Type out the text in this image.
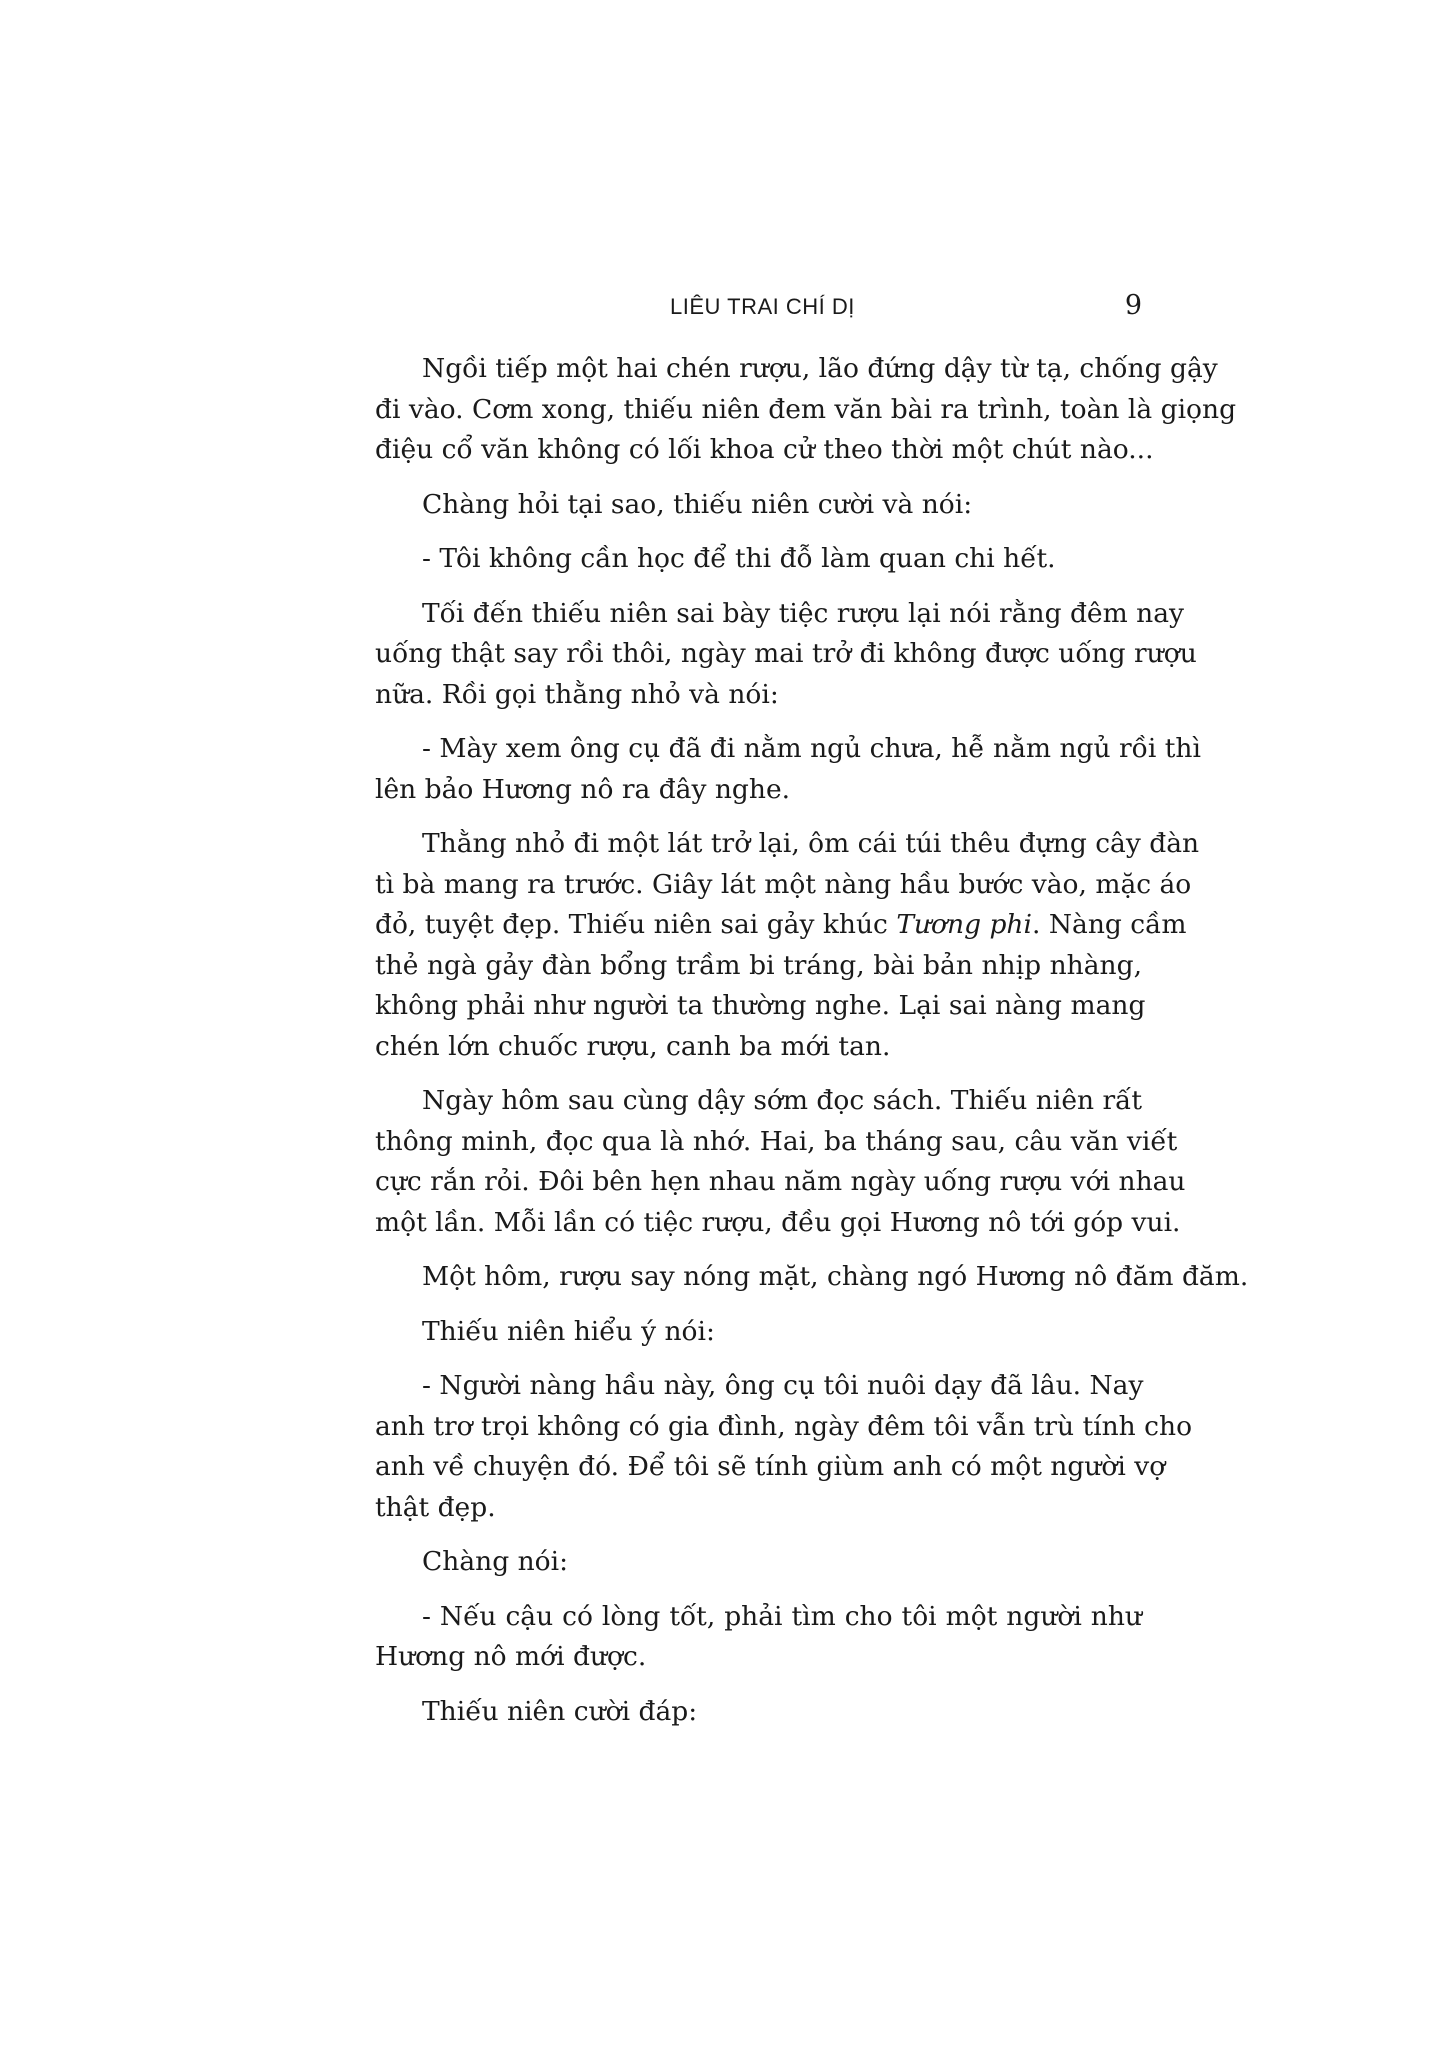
LIÊU TRAI CHÍ DỊ	9
Ngồi tiếp một hai chén rượu, lão đứng dậy từ tạ, chống gậy
đi vào. Cơm xong, thiếu niên đem văn bài ra trình, toàn là giọng
điệu cổ văn không có lối khoa cử theo thời một chút nào...
Chàng hỏi tại sao, thiếu niên cười và nói:
- Tôi không cần học để thi đỗ làm quan chi hết.
Tối đến thiếu niên sai bày tiệc rượu lại nói rằng đêm nay
uống thật say rồi thôi, ngày mai trở đi không được uống rượu
nữa. Rồi gọi thằng nhỏ và nói:
- Mày xem ông cụ đã đi nằm ngủ chưa, hễ nằm ngủ rồi thì
lên bảo Hương nô ra đây nghe.
Thằng nhỏ đi một lát trở lại, ôm cái túi thêu đựng cây đàn
tì bà mang ra trước. Giây lát một nàng hầu bước vào, mặc áo
đỏ, tuyệt đẹp. Thiếu niên sai gảy khúc Tương phi. Nàng cầm
thẻ ngà gảy đàn bổng trầm bi tráng, bài bản nhịp nhàng,
không phải như người ta thường nghe. Lại sai nàng mang
chén lớn chuốc rượu, canh ba mới tan.
Ngày hôm sau cùng dậy sớm đọc sách. Thiếu niên rất
thông minh, đọc qua là nhớ. Hai, ba tháng sau, câu văn viết
cực rắn rỏi. Đôi bên hẹn nhau năm ngày uống rượu với nhau
một lần. Mỗi lần có tiệc rượu, đều gọi Hương nô tới góp vui.
Một hôm, rượu say nóng mặt, chàng ngó Hương nô đăm đăm.
Thiếu niên hiểu ý nói:
- Người nàng hầu này, ông cụ tôi nuôi dạy đã lâu. Nay
anh trơ trọi không có gia đình, ngày đêm tôi vẫn trù tính cho
anh về chuyện đó. Để tôi sẽ tính giùm anh có một người vợ
thật đẹp.
Chàng nói:
- Nếu cậu có lòng tốt, phải tìm cho tôi một người như
Hương nô mới được.
Thiếu niên cười đáp:
